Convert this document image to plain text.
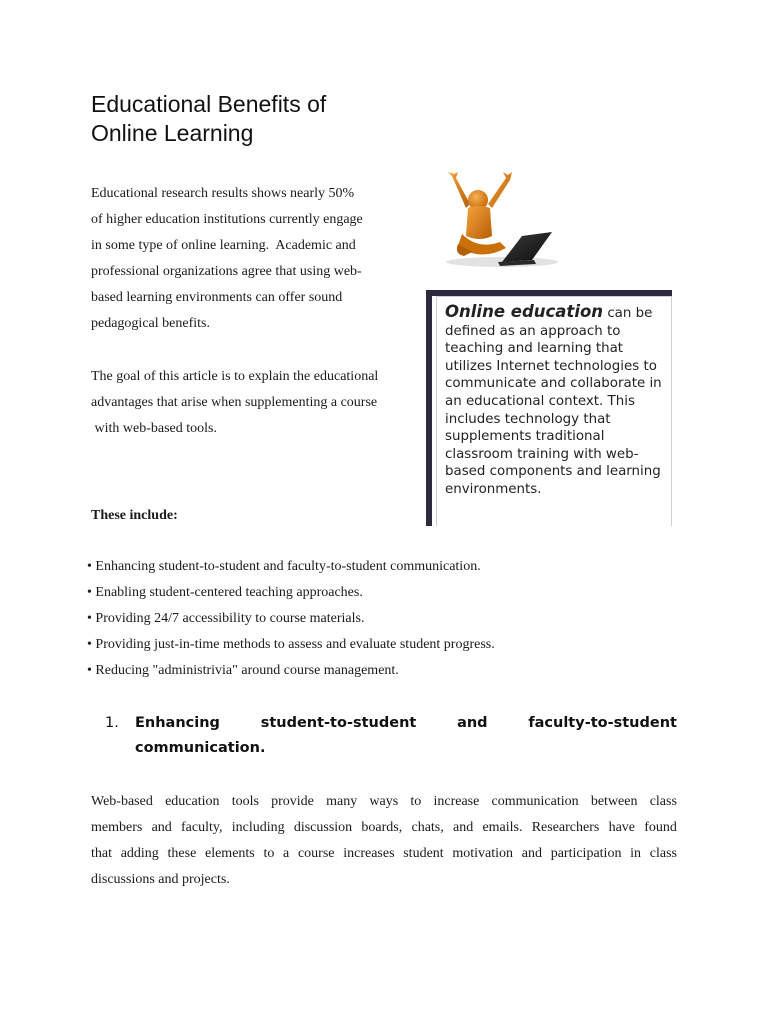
Educational Benefits of
Online Learning
Educational research results shows nearly 50%
of higher education institutions currently engage
in some type of online learning.  Academic and
professional organizations agree that using web-
based learning environments can offer sound
pedagogical benefits.
The goal of this article is to explain the educational
advantages that arise when supplementing a course
with web-based tools.
These include:
• Enhancing student-to-student and faculty-to-student communication.
• Enabling student-centered teaching approaches.
• Providing 24/7 accessibility to course materials.
• Providing just-in-time methods to assess and evaluate student progress.
• Reducing "administrivia" around course management.
Online education can be defined as an approach to teaching and learning that utilizes Internet technologies to communicate and collaborate in an educational context. This includes technology that supplements traditional classroom training with web-based components and learning environments.
1. Enhancing	student-to-student	and	faculty-to-student
communication.
Web-based education tools provide many ways to increase communication between class
members and faculty, including discussion boards, chats, and emails. Researchers have found
that adding these elements to a course increases student motivation and participation in class
discussions and projects.
